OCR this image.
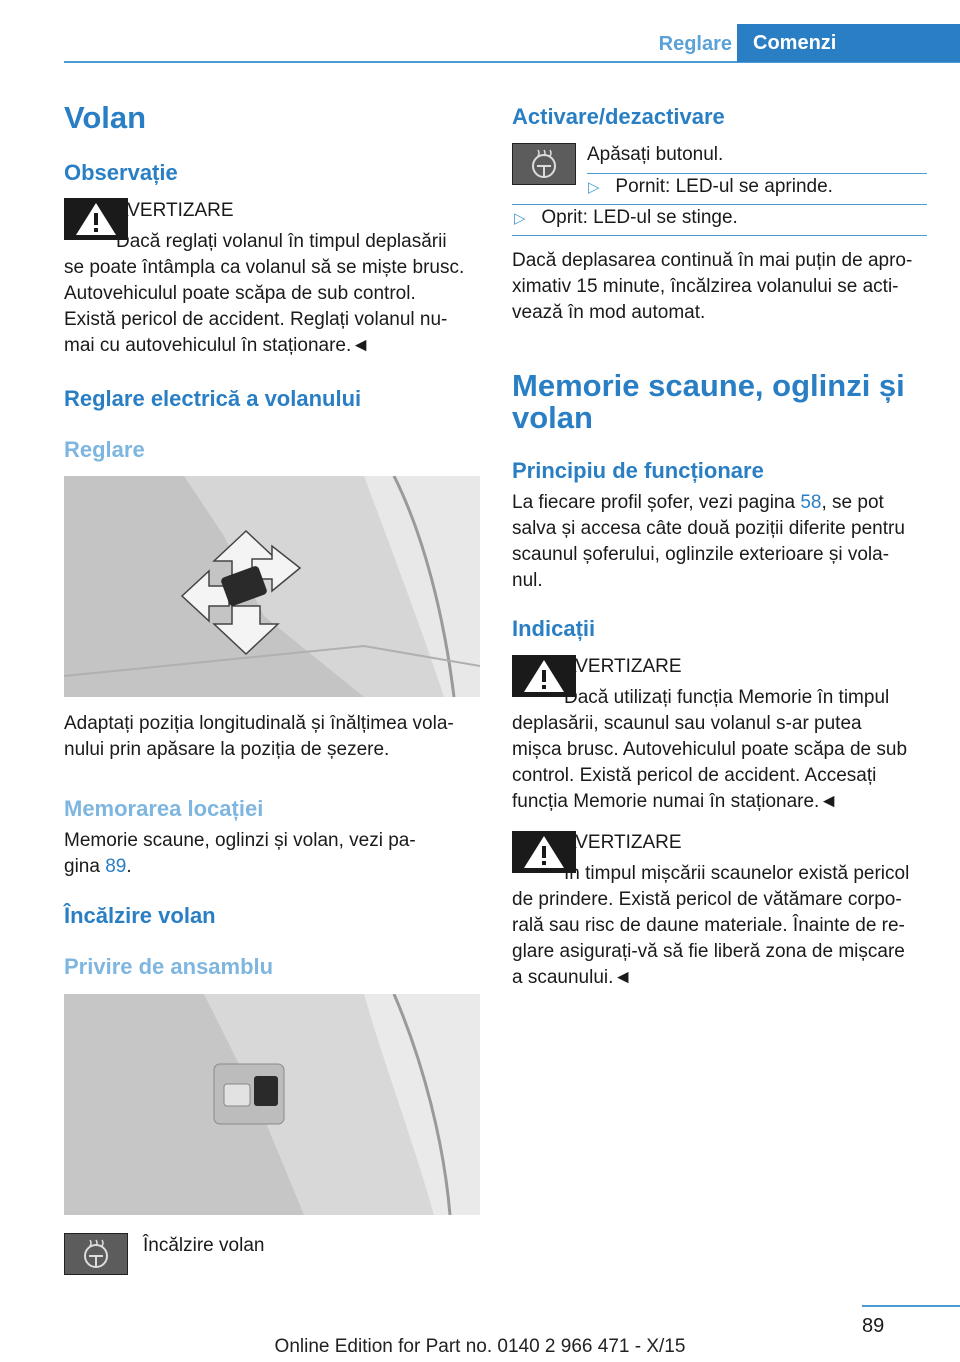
Reglare	Comenzi
Volan
Observație
AVERTIZARE
Dacă reglați volanul în timpul deplasării
se poate întâmpla ca volanul să se miște brusc.
Autovehiculul poate scăpa de sub control.
Există pericol de accident. Reglați volanul nu-
mai cu autovehiculul în staționare.◄
Reglare electrică a volanului
Reglare
Adaptați poziția longitudinală și înălțimea vola-
nului prin apăsare la poziția de șezere.
Memorarea locației
Memorie scaune, oglinzi și volan, vezi pa-
gina 89.
Încălzire volan
Privire de ansamblu
Încălzire volan
Activare/dezactivare
Apăsați butonul.
▷ Pornit: LED-ul se aprinde.
▷ Oprit: LED-ul se stinge.
Dacă deplasarea continuă în mai puțin de apro-
ximativ 15 minute, încălzirea volanului se acti-
vează în mod automat.
Memorie scaune, oglinzi și
volan
Principiu de funcționare
La fiecare profil șofer, vezi pagina 58, se pot
salva și accesa câte două poziții diferite pentru
scaunul șoferului, oglinzile exterioare și vola-
nul.
Indicații
AVERTIZARE
Dacă utilizați funcția Memorie în timpul
deplasării, scaunul sau volanul s-ar putea
mișca brusc. Autovehiculul poate scăpa de sub
control. Există pericol de accident. Accesați
funcția Memorie numai în staționare.◄
AVERTIZARE
În timpul mișcării scaunelor există pericol
de prindere. Există pericol de vătămare corpo-
rală sau risc de daune materiale. Înainte de re-
glare asigurați-vă să fie liberă zona de mișcare
a scaunului.◄
89
Online Edition for Part no. 0140 2 966 471 - X/15
